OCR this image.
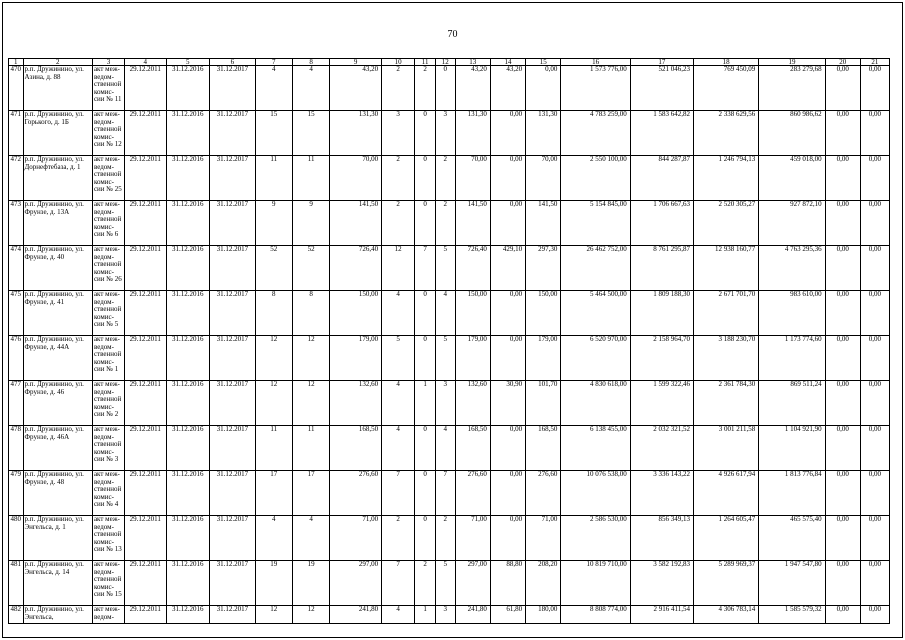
70
1	2	3	4	5	6	7	8	9	10	11	12	13	14	15	16	17	18	19	20	21
470	р.п. Дружинино, ул. Азина, д. 88	акт меж- ведом- ственной комис- сии № 11	29.12.2011	31.12.2016	31.12.2017	4	4	43,20	2	2	0	43,20	43,20	0,00	1 573 776,00	521 046,23	769 450,09	283 279,68	0,00	0,00
471	р.п. Дружинино, ул. Горького, д. 1Б	акт меж- ведом- ственной комис- сии № 12	29.12.2011	31.12.2016	31.12.2017	15	15	131,30	3	0	3	131,30	0,00	131,30	4 783 259,00	1 583 642,82	2 338 629,56	860 986,62	0,00	0,00
472	р.п. Дружинино, ул. Дорнефтебаза, д. 1	акт меж- ведом- ственной комис- сии № 25	29.12.2011	31.12.2016	31.12.2017	11	11	70,00	2	0	2	70,00	0,00	70,00	2 550 100,00	844 287,87	1 246 794,13	459 018,00	0,00	0,00
473	р.п. Дружинино, ул. Фрунзе, д. 13А	акт меж- ведом- ственной комис- сии № 6	29.12.2011	31.12.2016	31.12.2017	9	9	141,50	2	0	2	141,50	0,00	141,50	5 154 845,00	1 706 667,63	2 520 305,27	927 872,10	0,00	0,00
474	р.п. Дружинино, ул. Фрунзе, д. 40	акт меж- ведом- ственной комис- сии № 26	29.12.2011	31.12.2016	31.12.2017	52	52	726,40	12	7	5	726,40	429,10	297,30	26 462 752,00	8 761 295,87	12 938 160,77	4 763 295,36	0,00	0,00
475	р.п. Дружинино, ул. Фрунзе, д. 41	акт меж- ведом- ственной комис- сии № 5	29.12.2011	31.12.2016	31.12.2017	8	8	150,00	4	0	4	150,00	0,00	150,00	5 464 500,00	1 809 188,30	2 671 701,70	983 610,00	0,00	0,00
476	р.п. Дружинино, ул. Фрунзе, д. 44А	акт меж- ведом- ственной комис- сии № 1	29.12.2011	31.12.2016	31.12.2017	12	12	179,00	5	0	5	179,00	0,00	179,00	6 520 970,00	2 158 964,70	3 188 230,70	1 173 774,60	0,00	0,00
477	р.п. Дружинино, ул. Фрунзе, д. 46	акт меж- ведом- ственной комис- сии № 2	29.12.2011	31.12.2016	31.12.2017	12	12	132,60	4	1	3	132,60	30,90	101,70	4 830 618,00	1 599 322,46	2 361 784,30	869 511,24	0,00	0,00
478	р.п. Дружинино, ул. Фрунзе, д. 46А	акт меж- ведом- ственной комис- сии № 3	29.12.2011	31.12.2016	31.12.2017	11	11	168,50	4	0	4	168,50	0,00	168,50	6 138 455,00	2 032 321,52	3 001 211,58	1 104 921,90	0,00	0,00
479	р.п. Дружинино, ул. Фрунзе, д. 48	акт меж- ведом- ственной комис- сии № 4	29.12.2011	31.12.2016	31.12.2017	17	17	276,60	7	0	7	276,60	0,00	276,60	10 076 538,00	3 336 143,22	4 926 617,94	1 813 776,84	0,00	0,00
480	р.п. Дружинино, ул. Энгельса, д. 1	акт меж- ведом- ственной комис- сии № 13	29.12.2011	31.12.2016	31.12.2017	4	4	71,00	2	0	2	71,00	0,00	71,00	2 586 530,00	856 349,13	1 264 605,47	465 575,40	0,00	0,00
481	р.п. Дружинино, ул. Энгельса, д. 14	акт меж- ведом- ственной комис- сии № 15	29.12.2011	31.12.2016	31.12.2017	19	19	297,00	7	2	5	297,00	88,80	208,20	10 819 710,00	3 582 192,83	5 289 969,37	1 947 547,80	0,00	0,00
482	р.п. Дружинино, ул. Энгельса,	акт меж- ведом-	29.12.2011	31.12.2016	31.12.2017	12	12	241,80	4	1	3	241,80	61,80	180,00	8 808 774,00	2 916 411,54	4 306 783,14	1 585 579,32	0,00	0,00
